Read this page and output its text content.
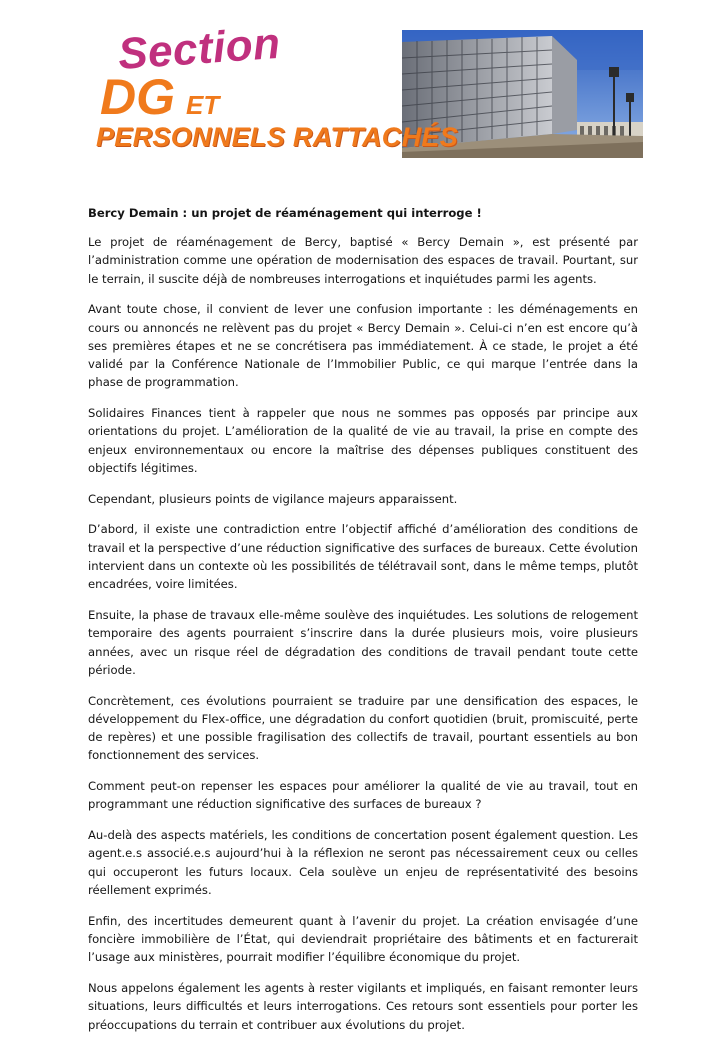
Section
DG ET
PERSONNELS RATTACHÉS
Bercy Demain : un projet de réaménagement qui interroge !

Le projet de réaménagement de Bercy, baptisé « Bercy Demain », est présenté par l’administration comme une opération de modernisation des espaces de travail. Pourtant, sur le terrain, il suscite déjà de nombreuses interrogations et inquiétudes parmi les agents.

Avant toute chose, il convient de lever une confusion importante : les déménagements en cours ou annoncés ne relèvent pas du projet « Bercy Demain ». Celui-ci n’en est encore qu’à ses premières étapes et ne se concrétisera pas immédiatement. À ce stade, le projet a été validé par la Conférence Nationale de l’Immobilier Public, ce qui marque l’entrée dans la phase de programmation.

Solidaires Finances tient à rappeler que nous ne sommes pas opposés par principe aux orientations du projet. L’amélioration de la qualité de vie au travail, la prise en compte des enjeux environnementaux ou encore la maîtrise des dépenses publiques constituent des objectifs légitimes.

Cependant, plusieurs points de vigilance majeurs apparaissent.

D’abord, il existe une contradiction entre l’objectif affiché d’amélioration des conditions de travail et la perspective d’une réduction significative des surfaces de bureaux. Cette évolution intervient dans un contexte où les possibilités de télétravail sont, dans le même temps, plutôt encadrées, voire limitées.

Ensuite, la phase de travaux elle-même soulève des inquiétudes. Les solutions de relogement temporaire des agents pourraient s’inscrire dans la durée plusieurs mois, voire plusieurs années, avec un risque réel de dégradation des conditions de travail pendant toute cette période.

Concrètement, ces évolutions pourraient se traduire par une densification des espaces, le développement du Flex-office, une dégradation du confort quotidien (bruit, promiscuité, perte de repères) et une possible fragilisation des collectifs de travail, pourtant essentiels au bon fonctionnement des services.

Comment peut-on repenser les espaces pour améliorer la qualité de vie au travail, tout en programmant une réduction significative des surfaces de bureaux ?

Au-delà des aspects matériels, les conditions de concertation posent également question. Les agent.e.s associé.e.s aujourd’hui à la réflexion ne seront pas nécessairement ceux ou celles qui occuperont les futurs locaux. Cela soulève un enjeu de représentativité des besoins réellement exprimés.

Enfin, des incertitudes demeurent quant à l’avenir du projet. La création envisagée d’une foncière immobilière de l’État, qui deviendrait propriétaire des bâtiments et en facturerait l’usage aux ministères, pourrait modifier l’équilibre économique du projet.

Nous appelons également les agents à rester vigilants et impliqués, en faisant remonter leurs situations, leurs difficultés et leurs interrogations. Ces retours sont essentiels pour porter les préoccupations du terrain et contribuer aux évolutions du projet.
